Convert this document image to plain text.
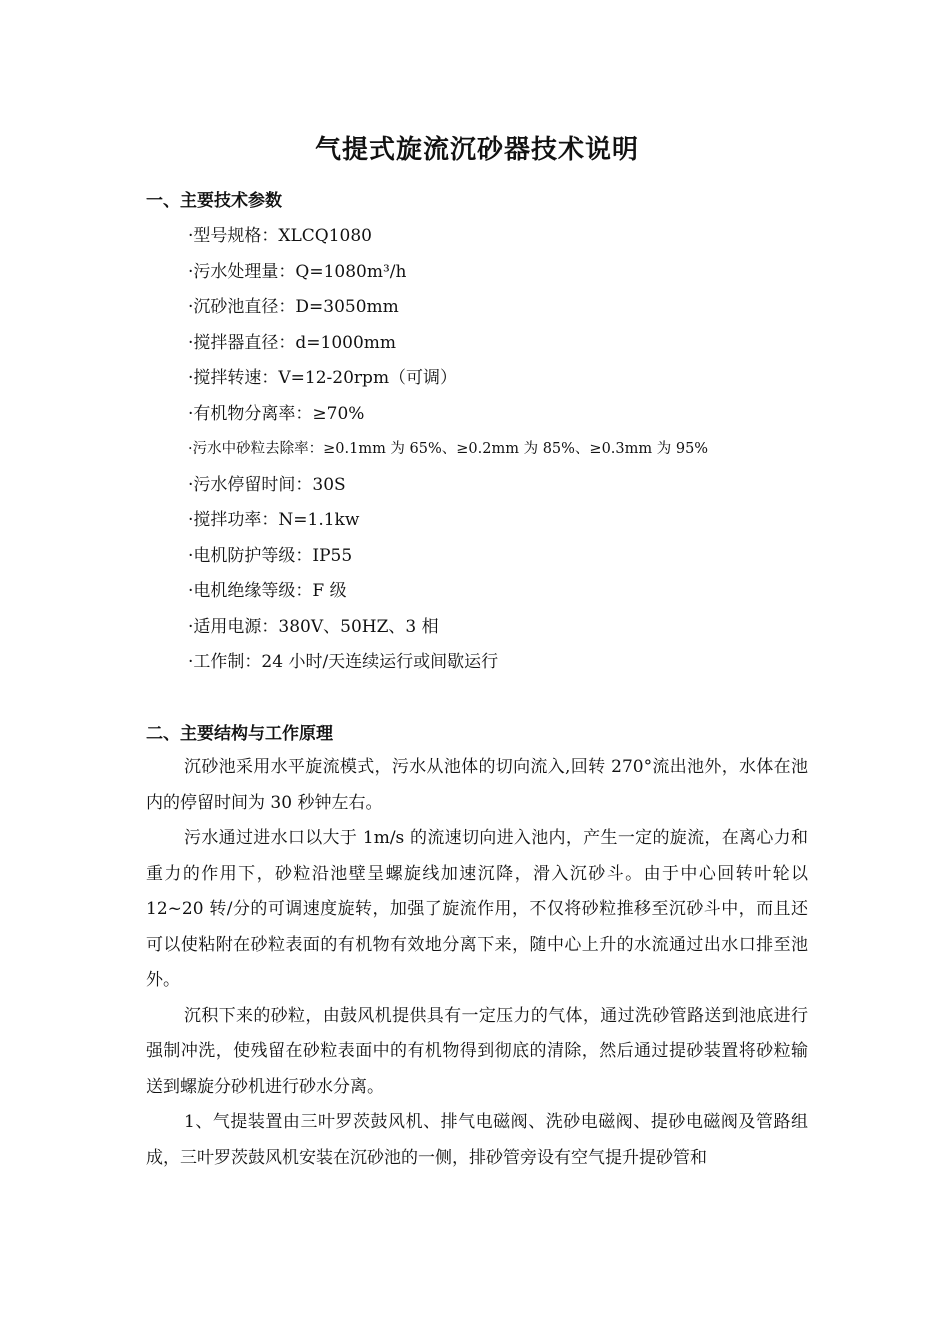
气提式旋流沉砂器技术说明
一、主要技术参数
·型号规格：XLCQ1080
·污水处理量：Q=1080m³/h
·沉砂池直径：D=3050mm
·搅拌器直径：d=1000mm
·搅拌转速：V=12-20rpm（可调）
·有机物分离率：≥70%
·污水中砂粒去除率：≥0.1mm 为 65%、≥0.2mm 为 85%、≥0.3mm 为 95%
·污水停留时间：30S
·搅拌功率：N=1.1kw
·电机防护等级：IP55
·电机绝缘等级：F 级
·适用电源：380V、50HZ、3 相
·工作制：24 小时/天连续运行或间歇运行
二、主要结构与工作原理

沉砂池采用水平旋流模式，污水从池体的切向流入,回转 270°流出池外，水体在池内的停留时间为 30 秒钟左右。

污水通过进水口以大于 1m/s 的流速切向进入池内，产生一定的旋流，在离心力和重力的作用下，砂粒沿池壁呈螺旋线加速沉降，滑入沉砂斗。由于中心回转叶轮以 12~20 转/分的可调速度旋转，加强了旋流作用，不仅将砂粒推移至沉砂斗中，而且还可以使粘附在砂粒表面的有机物有效地分离下来，随中心上升的水流通过出水口排至池外。

沉积下来的砂粒，由鼓风机提供具有一定压力的气体，通过洗砂管路送到池底进行强制冲洗，使残留在砂粒表面中的有机物得到彻底的清除，然后通过提砂装置将砂粒输送到螺旋分砂机进行砂水分离。

1、气提装置由三叶罗茨鼓风机、排气电磁阀、洗砂电磁阀、提砂电磁阀及管路组成，三叶罗茨鼓风机安装在沉砂池的一侧，排砂管旁设有空气提升提砂管和
